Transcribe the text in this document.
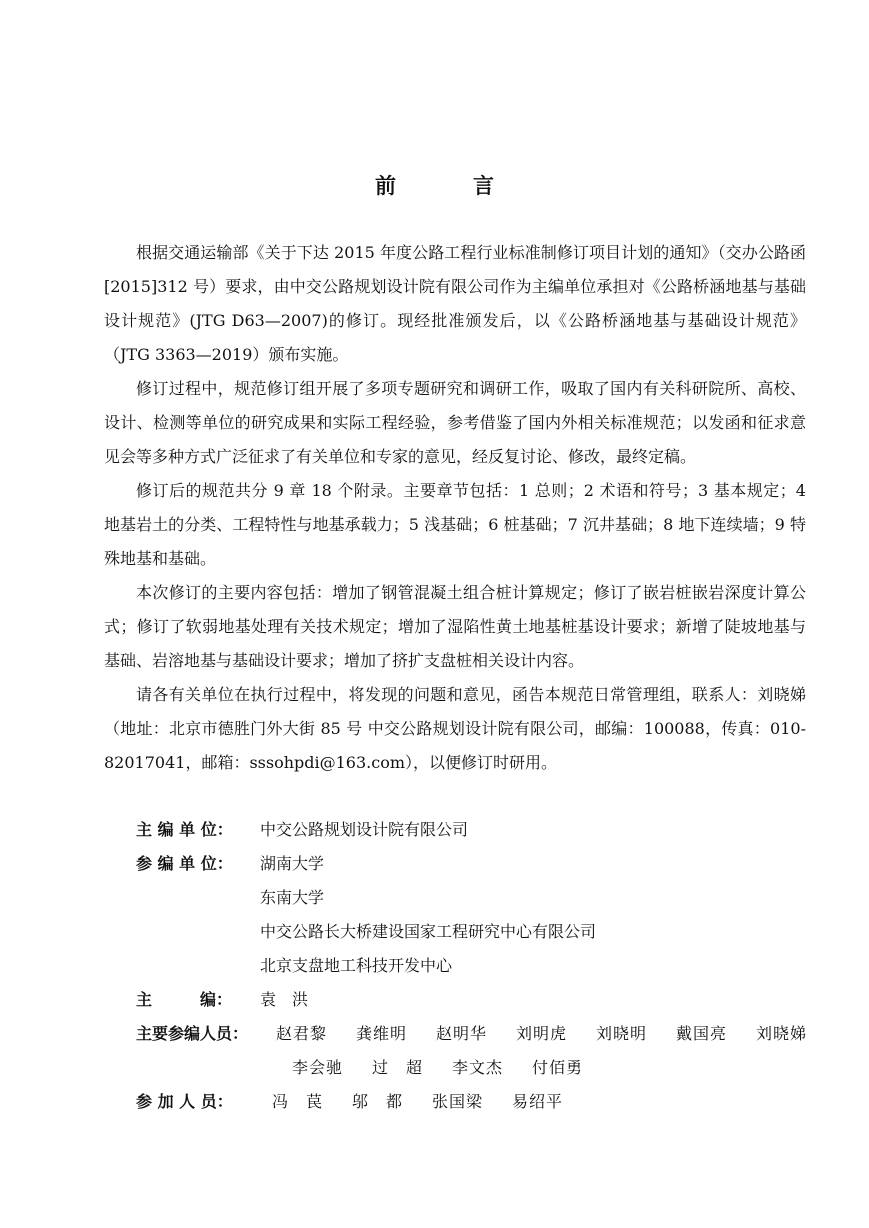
前　言

根据交通运输部《关于下达 2015 年度公路工程行业标准制修订项目计划的通知》（交办公路函[2015]312 号）要求，由中交公路规划设计院有限公司作为主编单位承担对《公路桥涵地基与基础设计规范》(JTG D63—2007)的修订。现经批准颁发后，以《公路桥涵地基与基础设计规范》（JTG 3363—2019）颁布实施。

修订过程中，规范修订组开展了多项专题研究和调研工作，吸取了国内有关科研院所、高校、设计、检测等单位的研究成果和实际工程经验，参考借鉴了国内外相关标准规范；以发函和征求意见会等多种方式广泛征求了有关单位和专家的意见，经反复讨论、修改，最终定稿。

修订后的规范共分 9 章 18 个附录。主要章节包括：1 总则；2 术语和符号；3 基本规定；4 地基岩土的分类、工程特性与地基承载力；5 浅基础；6 桩基础；7 沉井基础；8 地下连续墙；9 特殊地基和基础。

本次修订的主要内容包括：增加了钢管混凝土组合桩计算规定；修订了嵌岩桩嵌岩深度计算公式；修订了软弱地基处理有关技术规定；增加了湿陷性黄土地基桩基设计要求；新增了陡坡地基与基础、岩溶地基与基础设计要求；增加了挤扩支盘桩相关设计内容。

请各有关单位在执行过程中，将发现的问题和意见，函告本规范日常管理组，联系人：刘晓娣（地址：北京市德胜门外大街 85 号 中交公路规划设计院有限公司，邮编：100088，传真：010-82017041，邮箱：sssohpdi@163.com），以便修订时研用。

主 编 单 位：	中交公路规划设计院有限公司
参 编 单 位：	湖南大学
东南大学
中交公路长大桥建设国家工程研究中心有限公司
北京支盘地工科技开发中心
主　　　编：	袁　洪
主要参编人员：	赵君黎	龚维明	赵明华	刘明虎	刘晓明	戴国亮	刘晓娣
李会驰	过　超	李文杰	付佰勇
参 加 人 员：	冯　苠	邬　都	张国梁	易绍平
